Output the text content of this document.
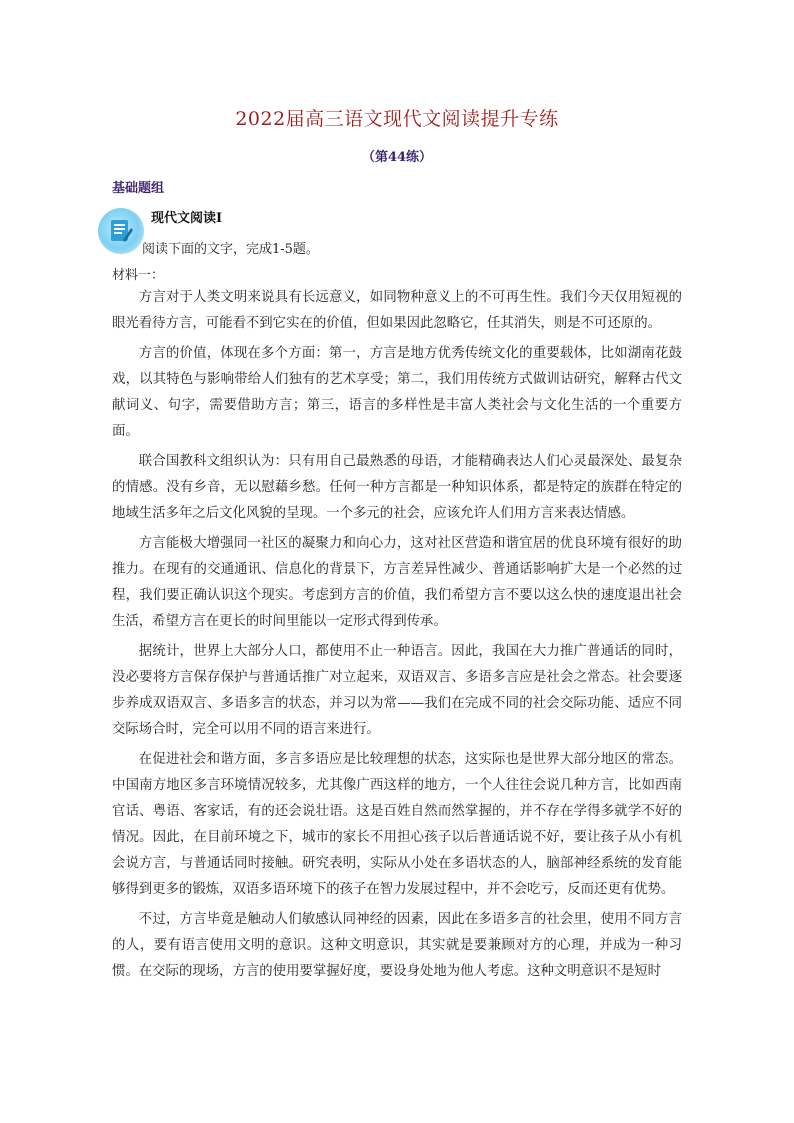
2022届高三语文现代文阅读提升专练
（第44练）
基础题组
现代文阅读Ⅰ
阅读下面的文字，完成1-5题。
材料一：

方言对于人类文明来说具有长远意义，如同物种意义上的不可再生性。我们今天仅用短视的眼光看待方言，可能看不到它实在的价值，但如果因此忽略它，任其消失，则是不可还原的。

方言的价值，体现在多个方面：第一，方言是地方优秀传统文化的重要载体，比如湖南花鼓戏，以其特色与影响带给人们独有的艺术享受；第二，我们用传统方式做训诂研究，解释古代文献词义、句字，需要借助方言；第三，语言的多样性是丰富人类社会与文化生活的一个重要方面。

联合国教科文组织认为：只有用自己最熟悉的母语，才能精确表达人们心灵最深处、最复杂的情感。没有乡音，无以慰藉乡愁。任何一种方言都是一种知识体系，都是特定的族群在特定的地域生活多年之后文化风貌的呈现。一个多元的社会，应该允许人们用方言来表达情感。

方言能极大增强同一社区的凝聚力和向心力，这对社区营造和谐宜居的优良环境有很好的助推力。在现有的交通通讯、信息化的背景下，方言差异性减少、普通话影响扩大是一个必然的过程，我们要正确认识这个现实。考虑到方言的价值，我们希望方言不要以这么快的速度退出社会生活，希望方言在更长的时间里能以一定形式得到传承。

据统计，世界上大部分人口，都使用不止一种语言。因此，我国在大力推广普通话的同时，没必要将方言保存保护与普通话推广对立起来，双语双言、多语多言应是社会之常态。社会要逐步养成双语双言、多语多言的状态，并习以为常——我们在完成不同的社会交际功能、适应不同交际场合时，完全可以用不同的语言来进行。

在促进社会和谐方面，多言多语应是比较理想的状态，这实际也是世界大部分地区的常态。中国南方地区多言环境情况较多，尤其像广西这样的地方，一个人往往会说几种方言，比如西南官话、粤语、客家话，有的还会说壮语。这是百姓自然而然掌握的，并不存在学得多就学不好的情况。因此，在目前环境之下，城市的家长不用担心孩子以后普通话说不好，要让孩子从小有机会说方言，与普通话同时接触。研究表明，实际从小处在多语状态的人，脑部神经系统的发育能够得到更多的锻炼，双语多语环境下的孩子在智力发展过程中，并不会吃亏，反而还更有优势。

不过，方言毕竟是触动人们敏感认同神经的因素，因此在多语多言的社会里，使用不同方言的人，要有语言使用文明的意识。这种文明意识，其实就是要兼顾对方的心理，并成为一种习惯。在交际的现场，方言的使用要掌握好度，要设身处地为他人考虑。这种文明意识不是短时
